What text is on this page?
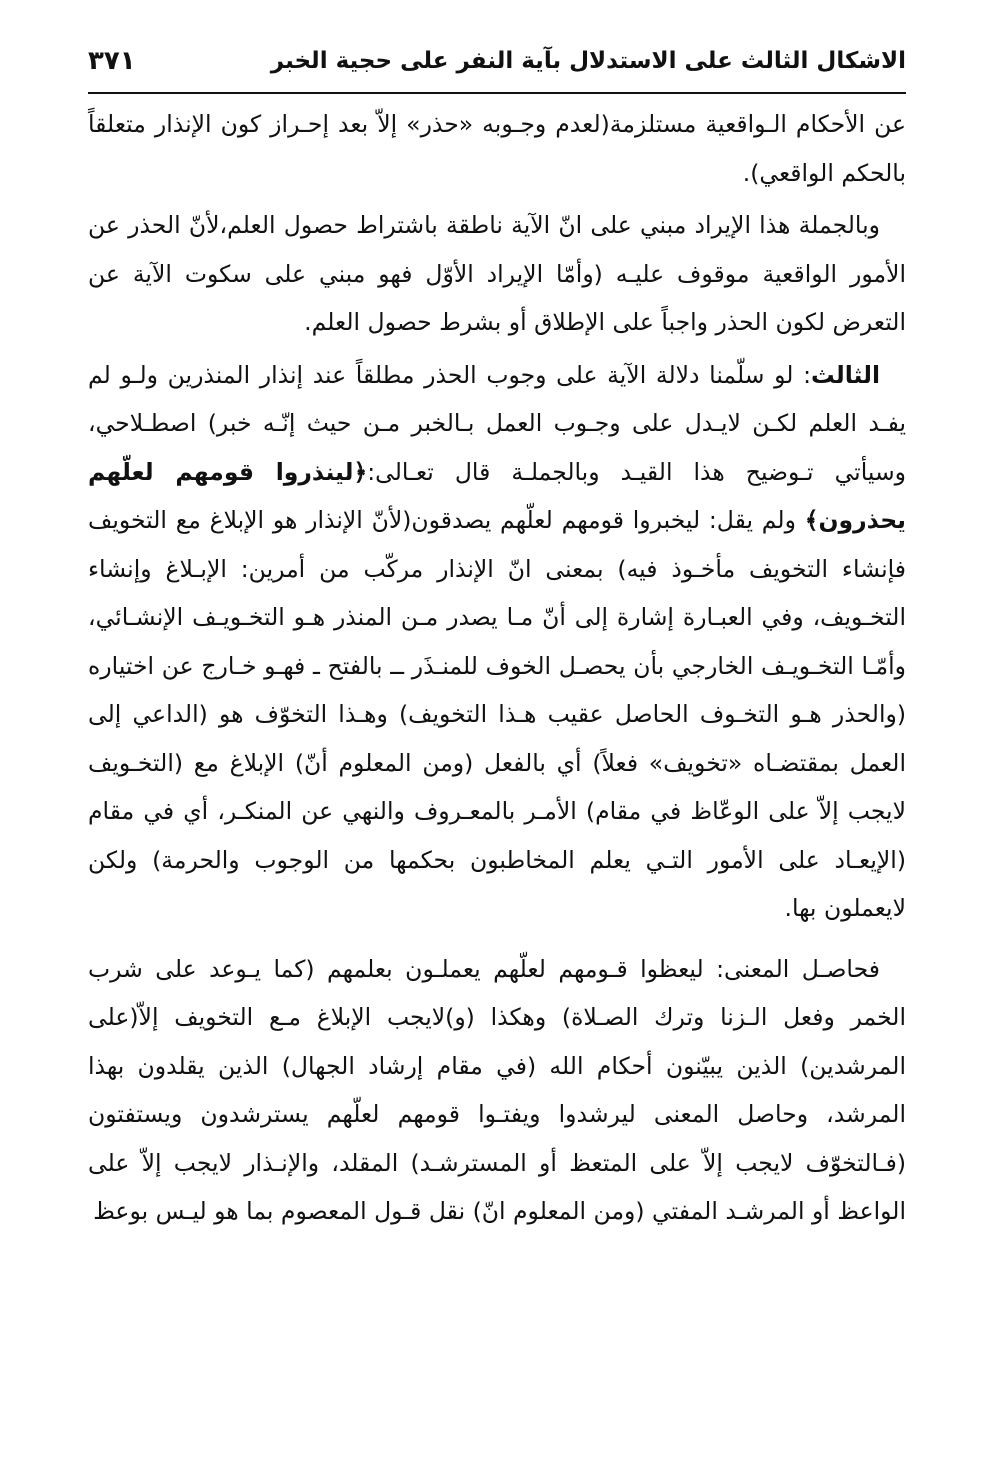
الاشكال الثالث على الاستدلال بآية النفر على حجية الخبر
٣٧١

عن الأحكام الـواقعية مستلزمة(لعدم وجـوبه «حذر» إلاّ بعد إحـراز كون الإنذار متعلقاً بالحكم الواقعي).

وبالجملة هذا الإيراد مبني على انّ الآية ناطقة باشتراط حصول العلم،لأنّ الحذر عن الأمور الواقعية موقوف عليـه (وأمّا الإيراد الأوّل فهو مبني على سكوت الآية عن التعرض لكون الحذر واجباً على الإطلاق أو بشرط حصول العلم.

الثالث: لو سلّمنا دلالة الآية على وجوب الحذر مطلقاً عند إنذار المنذرين ولـو لم يفـد العلم لكـن لايـدل على وجـوب العمل بـالخبر مـن حيث إنّـه خبر) اصطـلاحي، وسيأتي تـوضيح هذا القيـد وبالجملـة قال تعـالى:﴿لينذروا قومهم لعلّهم يحذرون﴾ ولم يقل: ليخبروا قومهم لعلّهم يصدقون(لأنّ الإنذار هو الإبلاغ مع التخويف فإنشاء التخويف مأخـوذ فيه) بمعنى انّ الإنذار مركّب من أمرين: الإبـلاغ وإنشاء التخـويف، وفي العبـارة إشارة إلى أنّ مـا يصدر مـن المنذر هـو التخـويـف الإنشـائي، وأمّـا التخـويـف الخارجي بأن يحصـل الخوف للمنـذَر ــ بالفتح ـ فهـو خـارج عن اختياره (والحذر هـو التخـوف الحاصل عقيب هـذا التخويف) وهـذا التخوّف هو (الداعي إلى العمل بمقتضـاه «تخويف» فعلاً) أي بالفعل (ومن المعلوم أنّ) الإبلاغ مع (التخـويف لايجب إلاّ على الوعّاظ في مقام) الأمـر بالمعـروف والنهي عن المنكـر، أي في مقام (الإيعـاد على الأمور التـي يعلم المخاطبون بحكمها من الوجوب والحرمة) ولكن لايعملون بها.

فحاصـل المعنى: ليعظوا قـومهم لعلّهم يعملـون بعلمهم (كما يـوعد على شرب الخمر وفعل الـزنا وترك الصـلاة) وهكذا (و)لايجب الإبلاغ مـع التخويف إلاّ(على المرشدين) الذين يبيّنون أحكام الله (في مقام إرشاد الجهال) الذين يقلدون بهذا المرشد، وحاصل المعنى ليرشدوا ويفتـوا قومهم لعلّهم يسترشدون ويستفتون (فـالتخوّف لايجب إلاّ على المتعظ أو المسترشـد) المقلد، والإنـذار لايجب إلاّ على الواعظ أو المرشـد المفتي (ومن المعلوم انّ) نقل قـول المعصوم بما هو ليـس بوعظ
